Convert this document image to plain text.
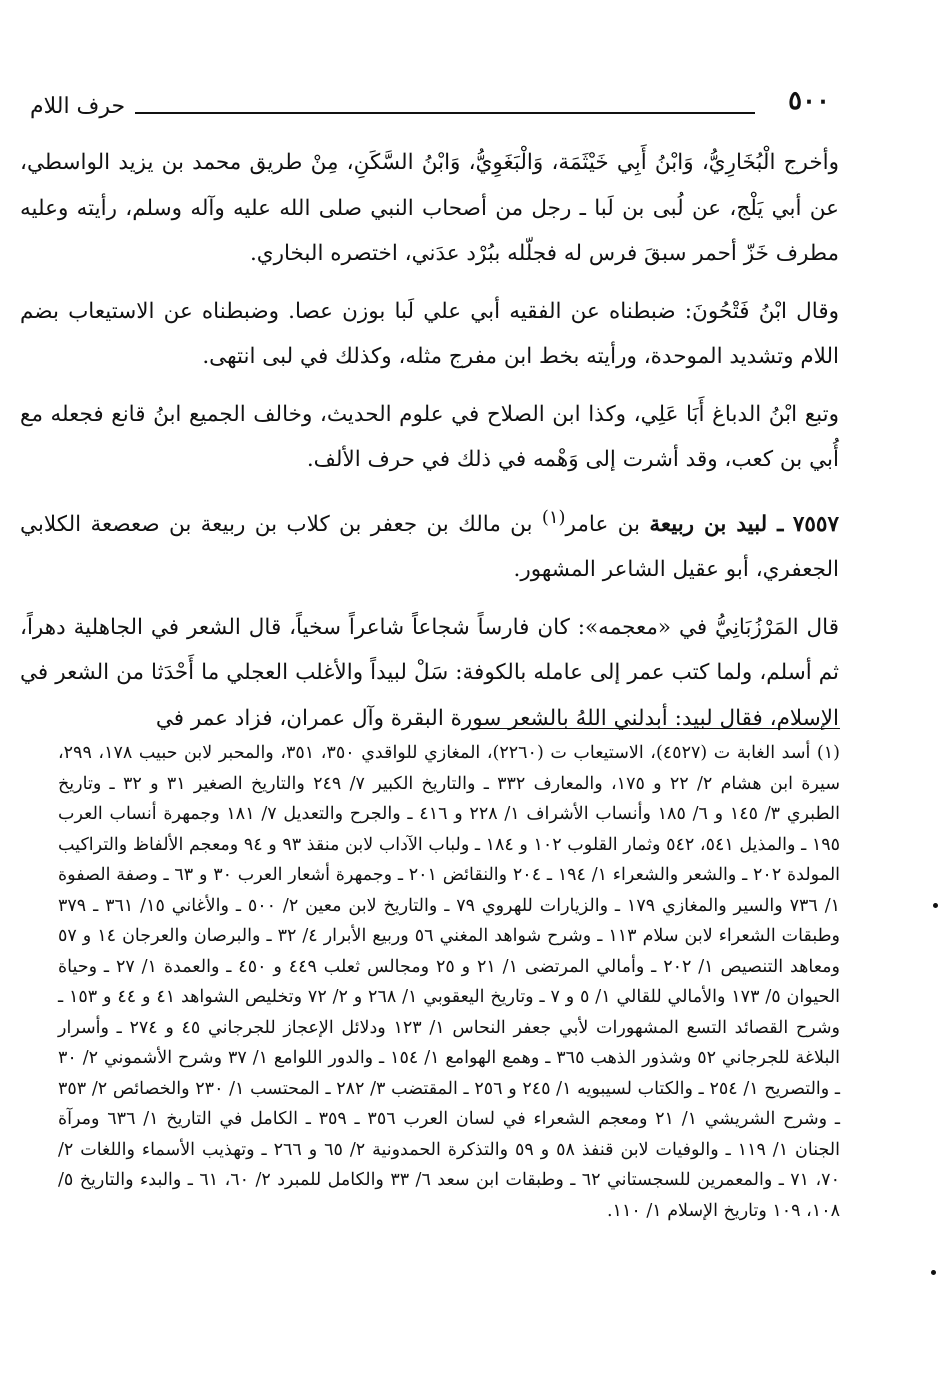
٥٠٠
حرف اللام

وأخرج الْبُخَارِيُّ، وَابْنُ أَبِي خَيْثَمَة، وَالْبَغَوِيُّ، وَابْنُ السَّكَنِ، مِنْ طريق محمد بن يزيد الواسطي، عن أبي يَلْج، عن لُبى بن لَبا ـ رجل من أصحاب النبي صلى الله عليه وآله وسلم، رأيته وعليه مطرف خَزّ أحمر سبقَ فرس له فجلّله ببُرْد عدَني، اختصره البخاري.

وقال ابْنُ فَتْحُونَ: ضبطناه عن الفقيه أبي علي لَبا بوزن عصا. وضبطناه عن الاستيعاب بضم اللام وتشديد الموحدة، ورأيته بخط ابن مفرج مثله، وكذلك في لبى انتهى.

وتبع ابْنُ الدباغ أَبَا عَلِي، وكذا ابن الصلاح في علوم الحديث، وخالف الجميع ابنُ قانع فجعله مع أُبي بن كعب، وقد أشرت إلى وَهْمه في ذلك في حرف الألف.

٧٥٥٧ ـ لبيد بن ربيعة بن عامر$^{(١)}$ بن مالك بن جعفر بن كلاب بن ربيعة بن صعصعة الكلابي الجعفري، أبو عقيل الشاعر المشهور.

قال المَرْزُبَانِيُّ في «معجمه»: كان فارساً شجاعاً شاعراً سخياً، قال الشعر في الجاهلية دهراً، ثم أسلم، ولما كتب عمر إلى عامله بالكوفة: سَلْ لبيداً والأغلب العجلي ما أَحْدَثا من الشعر في الإسلام، فقال لبيد: أبدلني اللهُ بالشعر سورة البقرة وآل عمران، فزاد عمر في

(١) أسد الغابة ت (٤٥٢٧)، الاستيعاب ت (٢٢٦٠)، المغازي للواقدي ٣٥٠، ٣٥١، والمحبر لابن حبيب ١٧٨، ٢٩٩، سيرة ابن هشام ٢/ ٢٢ و ١٧٥، والمعارف ٣٣٢ ـ والتاريخ الكبير ٧/ ٢٤٩ والتاريخ الصغير ٣١ و ٣٢ ـ وتاريخ الطبري ٣/ ١٤٥ و ٦/ ١٨٥ وأنساب الأشراف ١/ ٢٢٨ و ٤١٦ ـ والجرح والتعديل ٧/ ١٨١ وجمهرة أنساب العرب ١٩٥ ـ والمذيل ٥٤١، ٥٤٢ وثمار القلوب ١٠٢ و ١٨٤ ـ ولباب الآداب لابن منقذ ٩٣ و ٩٤ ومعجم الألفاظ والتراكيب المولدة ٢٠٢ ـ والشعر والشعراء ١/ ١٩٤ ـ ٢٠٤ والنقائض ٢٠١ ـ وجمهرة أشعار العرب ٣٠ و ٦٣ ـ وصفة الصفوة ١/ ٧٣٦ والسير والمغازي ١٧٩ ـ والزيارات للهروي ٧٩ ـ والتاريخ لابن معين ٢/ ٥٠٠ ـ والأغاني ١٥/ ٣٦١ ـ ٣٧٩ وطبقات الشعراء لابن سلام ١١٣ ـ وشرح شواهد المغني ٥٦ وربيع الأبرار ٤/ ٣٢ ـ والبرصان والعرجان ١٤ و ٥٧ ومعاهد التنصيص ١/ ٢٠٢ ـ وأمالي المرتضى ١/ ٢١ و ٢٥ ومجالس ثعلب ٤٤٩ و ٤٥٠ ـ والعمدة ١/ ٢٧ ـ وحياة الحيوان ٥/ ١٧٣ والأمالي للقالي ١/ ٥ و ٧ ـ وتاريخ اليعقوبي ١/ ٢٦٨ و ٢/ ٧٢ وتخليص الشواهد ٤١ و ٤٤ و ١٥٣ ـ وشرح القصائد التسع المشهورات لأبي جعفر النحاس ١/ ١٢٣ ودلائل الإعجاز للجرجاني ٤٥ و ٢٧٤ ـ وأسرار البلاغة للجرجاني ٥٢ وشذور الذهب ٣٦٥ ـ وهمع الهوامع ١/ ١٥٤ ـ والدور اللوامع ١/ ٣٧ وشرح الأشموني ٢/ ٣٠ ـ والتصريح ١/ ٢٥٤ ـ والكتاب لسيبويه ١/ ٢٤٥ و ٢٥٦ ـ المقتضب ٣/ ٢٨٢ ـ المحتسب ١/ ٢٣٠ والخصائص ٢/ ٣٥٣ ـ وشرح الشريشي ١/ ٢١ ومعجم الشعراء في لسان العرب ٣٥٦ ـ ٣٥٩ ـ الكامل في التاريخ ١/ ٦٣٦ ومرآة الجنان ١/ ١١٩ ـ والوفيات لابن قنفذ ٥٨ و ٥٩ والتذكرة الحمدونية ٢/ ٦٥ و ٢٦٦ ـ وتهذيب الأسماء واللغات ٢/ ٧٠، ٧١ ـ والمعمرين للسجستاني ٦٢ ـ وطبقات ابن سعد ٦/ ٣٣ والكامل للمبرد ٢/ ٦٠، ٦١ ـ والبدء والتاريخ ٥/ ١٠٨، ١٠٩ وتاريخ الإسلام ١/ ١١٠.
